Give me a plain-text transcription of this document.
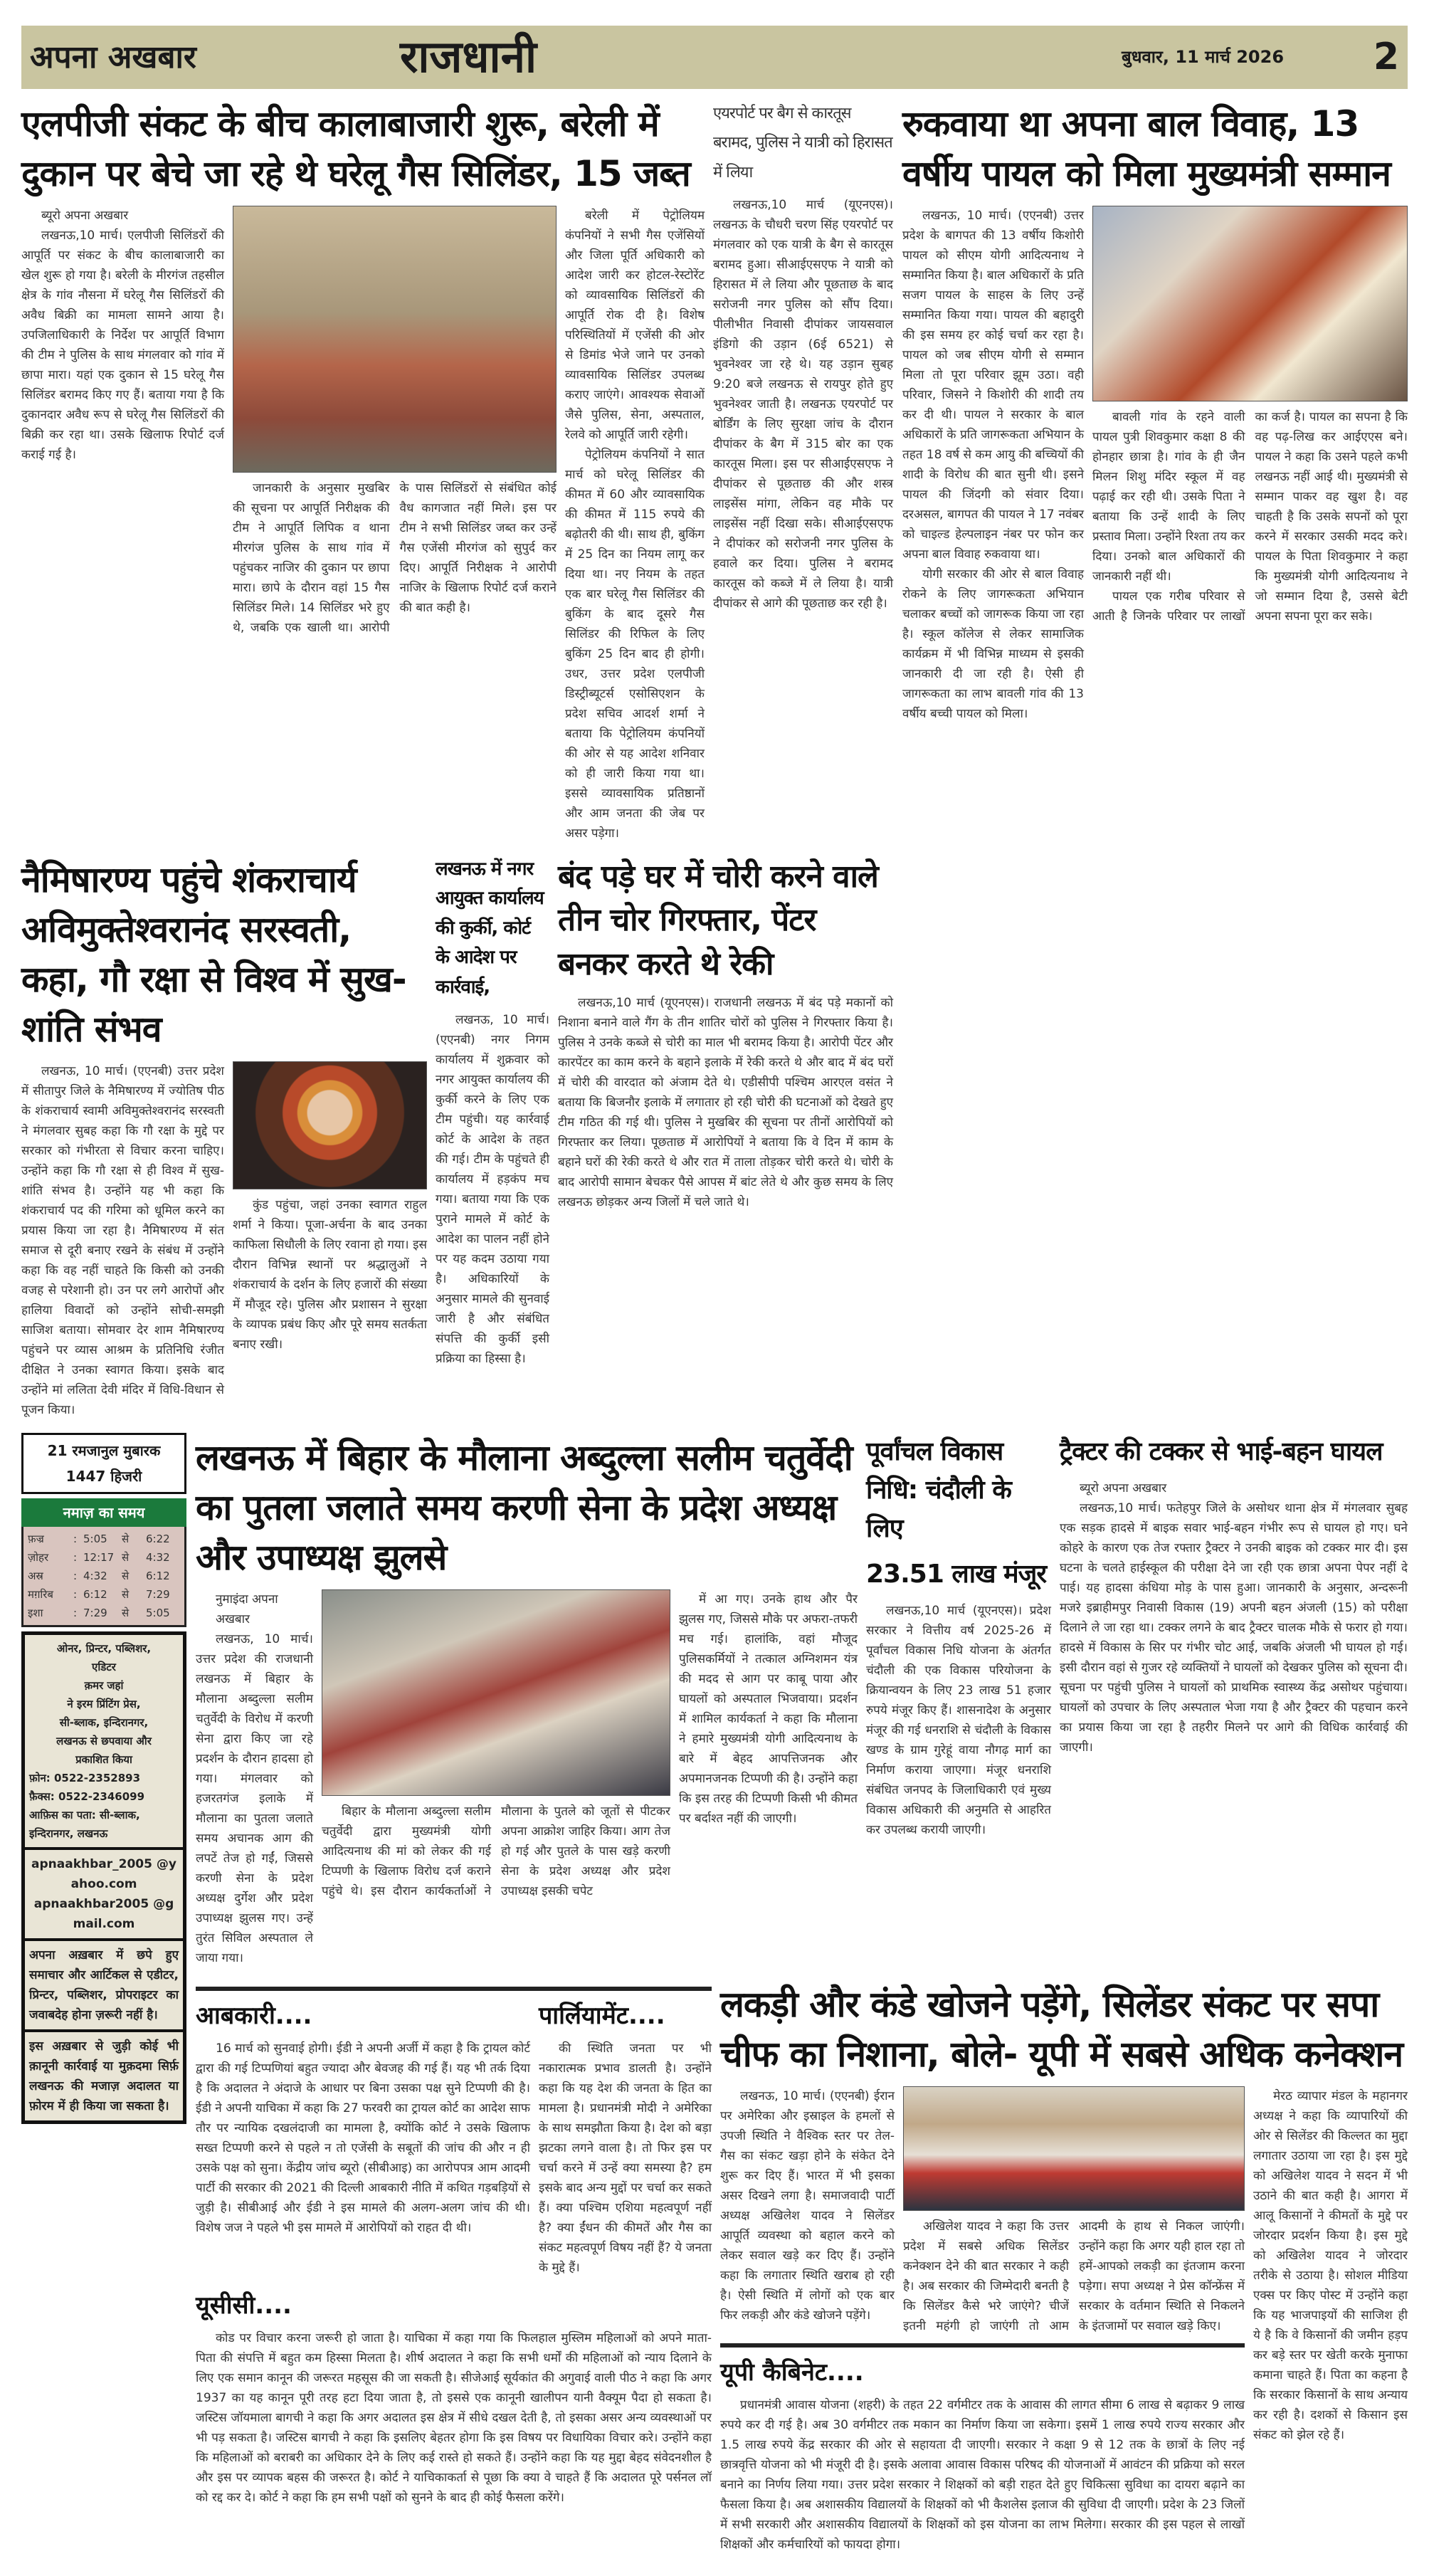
अपना अखबार	राजधानी	बुधवार, 11 मार्च 2026	2
एलपीजी संकट के बीच कालाबाजारी शुरू, बरेली में दुकान पर बेचे जा रहे थे घरेलू गैस सिलिंडर, 15 जब्त
ब्यूरो अपना अखबार

लखनऊ,10 मार्च। एलपीजी सिलिंडरों की आपूर्ति पर संकट के बीच कालाबाजारी का खेल शुरू हो गया है। बरेली के मीरगंज तहसील क्षेत्र के गांव नौसना में घरेलू गैस सिलिंडरों की अवैध बिक्री का मामला सामने आया है। उपजिलाधिकारी के निर्देश पर आपूर्ति विभाग की टीम ने पुलिस के साथ मंगलवार को गांव में छापा मारा। यहां एक दुकान से 15 घरेलू गैस सिलिंडर बरामद किए गए हैं। बताया गया है कि दुकानदार अवैध रूप से घरेलू गैस सिलिंडरों की बिक्री कर रहा था। उसके खिलाफ रिपोर्ट दर्ज कराई गई है।

जानकारी के अनुसार मुखबिर की सूचना पर आपूर्ति निरीक्षक की टीम ने आपूर्ति लिपिक व थाना मीरगंज पुलिस के साथ गांव में पहुंचकर नाजिर की दुकान पर छापा मारा। छापे के दौरान वहां 15 गैस सिलिंडर मिले। 14 सिलिंडर भरे हुए थे, जबकि एक खाली था। आरोपी के पास सिलिंडरों से संबंधित कोई वैध कागजात नहीं मिले। इस पर टीम ने सभी सिलिंडर जब्त कर उन्हें गैस एजेंसी मीरगंज को सुपुर्द कर दिए। आपूर्ति निरीक्षक ने आरोपी नाजिर के खिलाफ रिपोर्ट दर्ज कराने की बात कही है।

बरेली में पेट्रोलियम कंपनियों ने सभी गैस एजेंसियों और जिला पूर्ति अधिकारी को आदेश जारी कर होटल-रेस्टोरेंट को व्यावसायिक सिलिंडरों की आपूर्ति रोक दी है। विशेष परिस्थितियों में एजेंसी की ओर से डिमांड भेजे जाने पर उनको व्यावसायिक सिलिंडर उपलब्ध कराए जाएंगे। आवश्यक सेवाओं जैसे पुलिस, सेना, अस्पताल, रेलवे को आपूर्ति जारी रहेगी।

पेट्रोलियम कंपनियों ने सात मार्च को घरेलू सिलिंडर की कीमत में 60 और व्यावसायिक की कीमत में 115 रुपये की बढ़ोतरी की थी। साथ ही, बुकिंग में 25 दिन का नियम लागू कर दिया था। नए नियम के तहत एक बार घरेलू गैस सिलिंडर की बुकिंग के बाद दूसरे गैस सिलिंडर की रिफिल के लिए बुकिंग 25 दिन बाद ही होगी। उधर, उत्तर प्रदेश एलपीजी डिस्ट्रीब्यूटर्स एसोसिएशन के प्रदेश सचिव आदर्श शर्मा ने बताया कि पेट्रोलियम कंपनियों की ओर से यह आदेश शनिवार को ही जारी किया गया था। इससे व्यावसायिक प्रतिष्ठानों और आम जनता की जेब पर असर पड़ेगा।

एयरपोर्ट पर बैग से कारतूस बरामद, पुलिस ने यात्री को हिरासत में लिया

लखनऊ,10 मार्च (यूएनएस)। लखनऊ के चौधरी चरण सिंह एयरपोर्ट पर मंगलवार को एक यात्री के बैग से कारतूस बरामद हुआ। सीआईएसएफ ने यात्री को हिरासत में ले लिया और पूछताछ के बाद सरोजनी नगर पुलिस को सौंप दिया। पीलीभीत निवासी दीपांकर जायसवाल इंडिगो की उड़ान (6ई 6521) से भुवनेश्वर जा रहे थे। यह उड़ान सुबह 9:20 बजे लखनऊ से रायपुर होते हुए भुवनेश्वर जाती है। लखनऊ एयरपोर्ट पर बोर्डिंग के लिए सुरक्षा जांच के दौरान दीपांकर के बैग में 315 बोर का एक कारतूस मिला। इस पर सीआईएसएफ ने दीपांकर से पूछताछ की और शस्त्र लाइसेंस मांगा, लेकिन वह मौके पर लाइसेंस नहीं दिखा सके। सीआईएसएफ ने दीपांकर को सरोजनी नगर पुलिस के हवाले कर दिया। पुलिस ने बरामद कारतूस को कब्जे में ले लिया है। यात्री दीपांकर से आगे की पूछताछ कर रही है।

नैमिषारण्य पहुंचे शंकराचार्य अविमुक्तेश्वरानंद सरस्वती, कहा, गौ रक्षा से विश्व में सुख-शांति संभव

लखनऊ, 10 मार्च। (एएनबी) उत्तर प्रदेश में सीतापुर जिले के नैमिषारण्य में ज्योतिष पीठ के शंकराचार्य स्वामी अविमुक्तेश्वरानंद सरस्वती ने मंगलवार सुबह कहा कि गौ रक्षा के मुद्दे पर सरकार को गंभीरता से विचार करना चाहिए। उन्होंने कहा कि गौ रक्षा से ही विश्व में सुख-शांति संभव है। उन्होंने यह भी कहा कि शंकराचार्य पद की गरिमा को धूमिल करने का प्रयास किया जा रहा है। नैमिषारण्य में संत समाज से दूरी बनाए रखने के संबंध में उन्होंने कहा कि वह नहीं चाहते कि किसी को उनकी वजह से परेशानी हो। उन पर लगे आरोपों और हालिया विवादों को उन्होंने सोची-समझी साजिश बताया। सोमवार देर शाम नैमिषारण्य पहुंचने पर व्यास आश्रम के प्रतिनिधि रंजीत दीक्षित ने उनका स्वागत किया। इसके बाद उन्होंने मां ललिता देवी मंदिर में विधि-विधान से पूजन किया।

कुंड पहुंचा, जहां उनका स्वागत राहुल शर्मा ने किया। पूजा-अर्चना के बाद उनका काफिला सिधौली के लिए रवाना हो गया। इस दौरान विभिन्न स्थानों पर श्रद्धालुओं ने शंकराचार्य के दर्शन के लिए हजारों की संख्या में मौजूद रहे। पुलिस और प्रशासन ने सुरक्षा के व्यापक प्रबंध किए और पूरे समय सतर्कता बनाए रखी।

लखनऊ में नगर आयुक्त कार्यालय की कुर्की, कोर्ट के आदेश पर कार्रवाई,

लखनऊ, 10 मार्च। (एएनबी) नगर निगम कार्यालय में शुक्रवार को नगर आयुक्त कार्यालय की कुर्की करने के लिए एक टीम पहुंची। यह कार्रवाई कोर्ट के आदेश के तहत की गई। टीम के पहुंचते ही कार्यालय में हड़कंप मच गया। बताया गया कि एक पुराने मामले में कोर्ट के आदेश का पालन नहीं होने पर यह कदम उठाया गया है। अधिकारियों के अनुसार मामले की सुनवाई जारी है और संबंधित संपत्ति की कुर्की इसी प्रक्रिया का हिस्सा है।

बंद पड़े घर में चोरी करने वाले तीन चोर गिरफ्तार, पेंटर बनकर करते थे रेकी

लखनऊ,10 मार्च (यूएनएस)। राजधानी लखनऊ में बंद पड़े मकानों को निशाना बनाने वाले गैंग के तीन शातिर चोरों को पुलिस ने गिरफ्तार किया है। पुलिस ने उनके कब्जे से चोरी का माल भी बरामद किया है। आरोपी पेंटर और कारपेंटर का काम करने के बहाने इलाके में रेकी करते थे और बाद में बंद घरों में चोरी की वारदात को अंजाम देते थे। एडीसीपी पश्चिम आरएल वसंत ने बताया कि बिजनौर इलाके में लगातार हो रही चोरी की घटनाओं को देखते हुए टीम गठित की गई थी। पुलिस ने मुखबिर की सूचना पर तीनों आरोपियों को गिरफ्तार कर लिया। पूछताछ में आरोपियों ने बताया कि वे दिन में काम के बहाने घरों की रेकी करते थे और रात में ताला तोड़कर चोरी करते थे। चोरी के बाद आरोपी सामान बेचकर पैसे आपस में बांट लेते थे और कुछ समय के लिए लखनऊ छोड़कर अन्य जिलों में चले जाते थे।

रुकवाया था अपना बाल विवाह, 13 वर्षीय पायल को मिला मुख्यमंत्री सम्मान

लखनऊ, 10 मार्च। (एएनबी) उत्तर प्रदेश के बागपत की 13 वर्षीय किशोरी पायल को सीएम योगी आदित्यनाथ ने सम्मानित किया है। बाल अधिकारों के प्रति सजग पायल के साहस के लिए उन्हें सम्मानित किया गया। पायल की बहादुरी की इस समय हर कोई चर्चा कर रहा है। पायल को जब सीएम योगी से सम्मान मिला तो पूरा परिवार झूम उठा। वही परिवार, जिसने ने किशोरी की शादी तय कर दी थी। पायल ने सरकार के बाल अधिकारों के प्रति जागरूकता अभियान के तहत 18 वर्ष से कम आयु की बच्चियों की शादी के विरोध की बात सुनी थी। इसने पायल की जिंदगी को संवार दिया। दरअसल, बागपत की पायल ने 17 नवंबर को चाइल्ड हेल्पलाइन नंबर पर फोन कर अपना बाल विवाह रुकवाया था।

योगी सरकार की ओर से बाल विवाह रोकने के लिए जागरूकता अभियान चलाकर बच्चों को जागरूक किया जा रहा है। स्कूल कॉलेज से लेकर सामाजिक कार्यक्रम में भी विभिन्न माध्यम से इसकी जानकारी दी जा रही है। ऐसी ही जागरूकता का लाभ बावली गांव की 13 वर्षीय बच्ची पायल को मिला।

बावली गांव के रहने वाली पायल पुत्री शिवकुमार कक्षा 8 की होनहार छात्रा है। गांव के ही जैन मिलन शिशु मंदिर स्कूल में वह पढ़ाई कर रही थी। उसके पिता ने बताया कि उन्हें शादी के लिए प्रस्ताव मिला। उन्होंने रिश्ता तय कर दिया। उनको बाल अधिकारों की जानकारी नहीं थी।

पायल एक गरीब परिवार से आती है जिनके परिवार पर लाखों का कर्ज है। पायल का सपना है कि वह पढ़-लिख कर आईएएस बने। पायल ने कहा कि उसने पहले कभी लखनऊ नहीं आई थी। मुख्यमंत्री से सम्मान पाकर वह खुश है। वह चाहती है कि उसके सपनों को पूरा करने में सरकार उसकी मदद करे। पायल के पिता शिवकुमार ने कहा कि मुख्यमंत्री योगी आदित्यनाथ ने जो सम्मान दिया है, उससे बेटी अपना सपना पूरा कर सके।

21 रमजानुल मुबारक
1447 हिजरी
नमाज़ का समय
फ़ज्र	: 5:05	से	6:22
ज़ोहर	: 12:17 से	4:32
अस्र	: 4:32	से	6:12
मग़रिब	: 6:12	से	7:29
इशा	: 7:29	से	5:05
ओनर, प्रिन्टर, पब्लिशर,
एडिटर
क़मर जहां
ने इरम प्रिंटिंग प्रेस,
सी-ब्लाक, इन्दिरानगर,
लखनऊ से छपवाया और
प्रकाशित किया
फ़ोन: 0522-2352893
फ़ैक्स: 0522-2346099
आफ़िस का पता: सी-ब्लाक, इन्दिरानगर, लखनऊ
apnaakhbar_2005 @yahoo.com
apnaakhbar2005 @gmail.com
अपना अख़बार में छपे हुए समाचार और आर्टिकल से एडीटर, प्रिन्टर, पब्लिशर, प्रोपराइटर का जवाबदेह होना ज़रूरी नहीं है।
इस अख़बार से जुड़ी कोई भी क़ानूनी कार्रवाई या मुक़दमा सिर्फ़ लखनऊ की मजाज़ अदालत या फ़ोरम में ही किया जा सकता है।
लखनऊ में बिहार के मौलाना अब्दुल्ला सलीम चतुर्वेदी का पुतला जलाते समय करणी सेना के प्रदेश अध्यक्ष और उपाध्यक्ष झुलसे
नुमाइंदा अपना अखबार

लखनऊ, 10 मार्च। उत्तर प्रदेश की राजधानी लखनऊ में बिहार के मौलाना अब्दुल्ला सलीम चतुर्वेदी के विरोध में करणी सेना द्वारा किए जा रहे प्रदर्शन के दौरान हादसा हो गया। मंगलवार को हजरतगंज इलाके में मौलाना का पुतला जलाते समय अचानक आग की लपटें तेज हो गईं, जिससे करणी सेना के प्रदेश अध्यक्ष दुर्गेश और प्रदेश उपाध्यक्ष झुलस गए। उन्हें तुरंत सिविल अस्पताल ले जाया गया।

बिहार के मौलाना अब्दुल्ला सलीम चतुर्वेदी द्वारा मुख्यमंत्री योगी आदित्यनाथ की मां को लेकर की गई टिप्पणी के खिलाफ विरोध दर्ज कराने पहुंचे थे। इस दौरान कार्यकर्ताओं ने मौलाना के पुतले को जूतों से पीटकर अपना आक्रोश जाहिर किया। आग तेज हो गई और पुतले के पास खड़े करणी सेना के प्रदेश अध्यक्ष और प्रदेश उपाध्यक्ष इसकी चपेट

में आ गए। उनके हाथ और पैर झुलस गए, जिससे मौके पर अफरा-तफरी मच गई। हालांकि, वहां मौजूद पुलिसकर्मियों ने तत्काल अग्निशमन यंत्र की मदद से आग पर काबू पाया और घायलों को अस्पताल भिजवाया। प्रदर्शन में शामिल कार्यकर्ता ने कहा कि मौलाना ने हमारे मुख्यमंत्री योगी आदित्यनाथ के बारे में बेहद आपत्तिजनक और अपमानजनक टिप्पणी की है। उन्होंने कहा कि इस तरह की टिप्पणी किसी भी कीमत पर बर्दाश्त नहीं की जाएगी।

पूर्वांचल विकास निधि: चंदौली के लिए
23.51 लाख मंजूर

लखनऊ,10 मार्च (यूएनएस)। प्रदेश सरकार ने वित्तीय वर्ष 2025-26 में पूर्वांचल विकास निधि योजना के अंतर्गत चंदौली की एक विकास परियोजना के क्रियान्वयन के लिए 23 लाख 51 हजार रुपये मंजूर किए हैं। शासनादेश के अनुसार मंजूर की गई धनराशि से चंदौली के विकास खण्ड के ग्राम गुरेहूं वाया नौगढ़ मार्ग का निर्माण कराया जाएगा। मंजूर धनराशि संबंधित जनपद के जिलाधिकारी एवं मुख्य विकास अधिकारी की अनुमति से आहरित कर उपलब्ध करायी जाएगी।

ट्रैक्टर की टक्कर से भाई-बहन घायल
ब्यूरो अपना अखबार

लखनऊ,10 मार्च। फतेहपुर जिले के असोथर थाना क्षेत्र में मंगलवार सुबह एक सड़क हादसे में बाइक सवार भाई-बहन गंभीर रूप से घायल हो गए। घने कोहरे के कारण एक तेज रफ्तार ट्रैक्टर ने उनकी बाइक को टक्कर मार दी। इस घटना के चलते हाईस्कूल की परीक्षा देने जा रही एक छात्रा अपना पेपर नहीं दे पाई। यह हादसा कंधिया मोड़ के पास हुआ। जानकारी के अनुसार, अन्दरूनी मजरे इब्राहीमपुर निवासी विकास (19) अपनी बहन अंजली (15) को परीक्षा दिलाने ले जा रहा था। टक्कर लगने के बाद ट्रैक्टर चालक मौके से फरार हो गया। हादसे में विकास के सिर पर गंभीर चोट आई, जबकि अंजली भी घायल हो गई। इसी दौरान वहां से गुजर रहे व्यक्तियों ने घायलों को देखकर पुलिस को सूचना दी। सूचना पर पहुंची पुलिस ने घायलों को प्राथमिक स्वास्थ्य केंद्र असोथर पहुंचाया। घायलों को उपचार के लिए अस्पताल भेजा गया है और ट्रैक्टर की पहचान करने का प्रयास किया जा रहा है तहरीर मिलने पर आगे की विधिक कार्रवाई की जाएगी।

आबकारी....

16 मार्च को सुनवाई होगी। ईडी ने अपनी अर्जी में कहा है कि ट्रायल कोर्ट द्वारा की गई टिप्पणियां बहुत ज्यादा और बेवजह की गई हैं। यह भी तर्क दिया है कि अदालत ने अंदाजे के आधार पर बिना उसका पक्ष सुने टिप्पणी की है। ईडी ने अपनी याचिका में कहा कि 27 फरवरी का ट्रायल कोर्ट का आदेश साफ तौर पर न्यायिक दखलंदाजी का मामला है, क्योंकि कोर्ट ने उसके खिलाफ सख्त टिप्पणी करने से पहले न तो एजेंसी के सबूतों की जांच की और न ही उसके पक्ष को सुना। केंद्रीय जांच ब्यूरो (सीबीआइ) का आरोपपत्र आम आदमी पार्टी की सरकार की 2021 की दिल्ली आबकारी नीति में कथित गड़बड़ियों से जुड़ी है। सीबीआई और ईडी ने इस मामले की अलग-अलग जांच की थी। विशेष जज ने पहले भी इस मामले में आरोपियों को राहत दी थी।

पार्लियामेंट....

की स्थिति जनता पर भी नकारात्मक प्रभाव डालती है। उन्होंने कहा कि यह देश की जनता के हित का मामला है। प्रधानमंत्री मोदी ने अमेरिका के साथ समझौता किया है। देश को बड़ा झटका लगने वाला है। तो फिर इस पर चर्चा करने में उन्हें क्या समस्या है? हम इसके बाद अन्य मुद्दों पर चर्चा कर सकते हैं। क्या पश्चिम एशिया महत्वपूर्ण नहीं है? क्या ईंधन की कीमतें और गैस का संकट महत्वपूर्ण विषय नहीं हैं? ये जनता के मुद्दे हैं।

यूसीसी....

कोड पर विचार करना जरूरी हो जाता है। याचिका में कहा गया कि फिलहाल मुस्लिम महिलाओं को अपने माता-पिता की संपत्ति में बहुत कम हिस्सा मिलता है। शीर्ष अदालत ने कहा कि सभी धर्मों की महिलाओं को न्याय दिलाने के लिए एक समान कानून की जरूरत महसूस की जा सकती है। सीजेआई सूर्यकांत की अगुवाई वाली पीठ ने कहा कि अगर 1937 का यह कानून पूरी तरह हटा दिया जाता है, तो इससे एक कानूनी खालीपन यानी वैक्यूम पैदा हो सकता है। जस्टिस जॉयमाला बागची ने कहा कि अगर अदालत इस क्षेत्र में सीधे दखल देती है, तो इसका असर अन्य व्यवस्थाओं पर भी पड़ सकता है। जस्टिस बागची ने कहा कि इसलिए बेहतर होगा कि इस विषय पर विधायिका विचार करे। उन्होंने कहा कि महिलाओं को बराबरी का अधिकार देने के लिए कई रास्ते हो सकते हैं। उन्होंने कहा कि यह मुद्दा बेहद संवेदनशील है और इस पर व्यापक बहस की जरूरत है। कोर्ट ने याचिकाकर्ता से पूछा कि क्या वे चाहते हैं कि अदालत पूरे पर्सनल लॉ को रद्द कर दे। कोर्ट ने कहा कि हम सभी पक्षों को सुनने के बाद ही कोई फैसला करेंगे।

लकड़ी और कंडे खोजने पड़ेंगे, सिलेंडर संकट पर सपा चीफ का निशाना, बोले- यूपी में सबसे अधिक कनेक्शन

लखनऊ, 10 मार्च। (एएनबी) ईरान पर अमेरिका और इस्राइल के हमलों से उपजी स्थिति ने वैश्विक स्तर पर तेल-गैस का संकट खड़ा होने के संकेत देने शुरू कर दिए हैं। भारत में भी इसका असर दिखने लगा है। समाजवादी पार्टी अध्यक्ष अखिलेश यादव ने सिलेंडर आपूर्ति व्यवस्था को बहाल करने को लेकर सवाल खड़े कर दिए हैं। उन्होंने कहा कि लगातार स्थिति खराब हो रही है। ऐसी स्थिति में लोगों को एक बार फिर लकड़ी और कंडे खोजने पड़ेंगे।

अखिलेश यादव ने कहा कि उत्तर प्रदेश में सबसे अधिक सिलेंडर कनेक्शन देने की बात सरकार ने कही है। अब सरकार की जिम्मेदारी बनती है कि सिलेंडर कैसे भरे जाएंगे? चीजें इतनी महंगी हो जाएंगी तो आम आदमी के हाथ से निकल जाएंगी। उन्होंने कहा कि अगर यही हाल रहा तो हमें-आपको लकड़ी का इंतजाम करना पड़ेगा। सपा अध्यक्ष ने प्रेस कॉन्फ्रेंस में सरकार के वर्तमान स्थिति से निकलने के इंतजामों पर सवाल खड़े किए।

यूपी कैबिनेट....

प्रधानमंत्री आवास योजना (शहरी) के तहत 22 वर्गमीटर तक के आवास की लागत सीमा 6 लाख से बढ़ाकर 9 लाख रुपये कर दी गई है। अब 30 वर्गमीटर तक मकान का निर्माण किया जा सकेगा। इसमें 1 लाख रुपये राज्य सरकार और 1.5 लाख रुपये केंद्र सरकार की ओर से सहायता दी जाएगी। सरकार ने कक्षा 9 से 12 तक के छात्रों के लिए नई छात्रवृत्ति योजना को भी मंजूरी दी है। इसके अलावा आवास विकास परिषद की योजनाओं में आवंटन की प्रक्रिया को सरल बनाने का निर्णय लिया गया। उत्तर प्रदेश सरकार ने शिक्षकों को बड़ी राहत देते हुए चिकित्सा सुविधा का दायरा बढ़ाने का फैसला किया है। अब अशासकीय विद्यालयों के शिक्षकों को भी कैशलेस इलाज की सुविधा दी जाएगी। प्रदेश के 23 जिलों में सभी सरकारी और अशासकीय विद्यालयों के शिक्षकों को इस योजना का लाभ मिलेगा। सरकार की इस पहल से लाखों शिक्षकों और कर्मचारियों को फायदा होगा।

मेरठ व्यापार मंडल के महानगर अध्यक्ष ने कहा कि व्यापारियों की ओर से सिलेंडर की किल्लत का मुद्दा लगातार उठाया जा रहा है। इस मुद्दे को अखिलेश यादव ने सदन में भी उठाने की बात कही है। आगरा में आलू किसानों ने कीमतों के मुद्दे पर जोरदार प्रदर्शन किया है। इस मुद्दे को अखिलेश यादव ने जोरदार तरीके से उठाया है। सोशल मीडिया एक्स पर किए पोस्ट में उन्होंने कहा कि यह भाजपाइयों की साजिश ही ये है कि वे किसानों की जमीन हड़प कर बड़े स्तर पर खेती करके मुनाफा कमाना चाहते हैं। पिता का कहना है कि सरकार किसानों के साथ अन्याय कर रही है। दशकों से किसान इस संकट को झेल रहे हैं।
